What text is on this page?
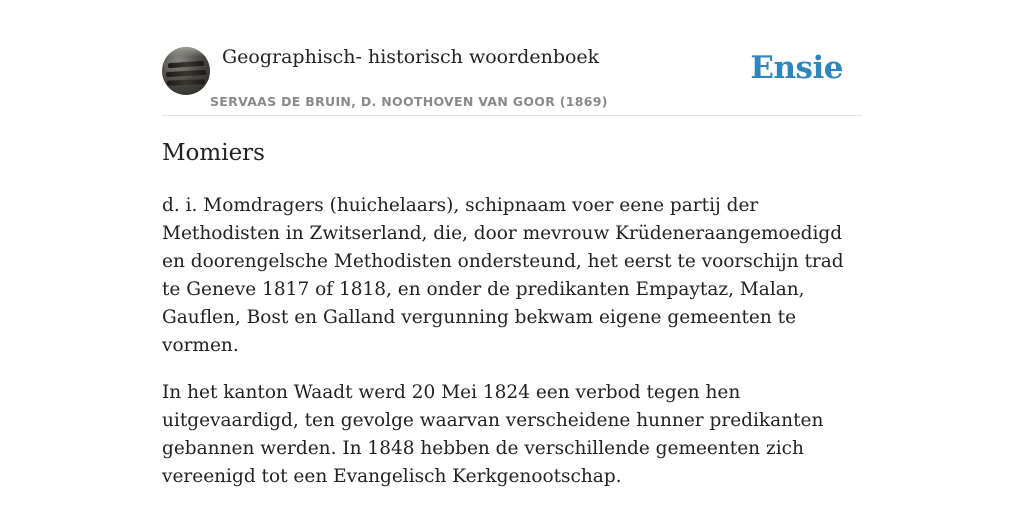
Geographisch- historisch woordenboek
SERVAAS DE BRUIN, D. NOOTHOVEN VAN GOOR (1869)
Ensie
Momiers

d. i. Momdragers (huichelaars), schipnaam voer eene partij der Methodisten in Zwitserland, die, door mevrouw Krüdeneraangemoedigd en doorengelsche Methodisten ondersteund, het eerst te voorschijn trad te Geneve 1817 of 1818, en onder de predikanten Empaytaz, Malan, Gauflen, Bost en Galland vergunning bekwam eigene gemeenten te vormen.

In het kanton Waadt werd 20 Mei 1824 een verbod tegen hen uitgevaardigd, ten gevolge waarvan verscheidene hunner predikanten gebannen werden. In 1848 hebben de verschillende gemeenten zich vereenigd tot een Evangelisch Kerkgenootschap.
